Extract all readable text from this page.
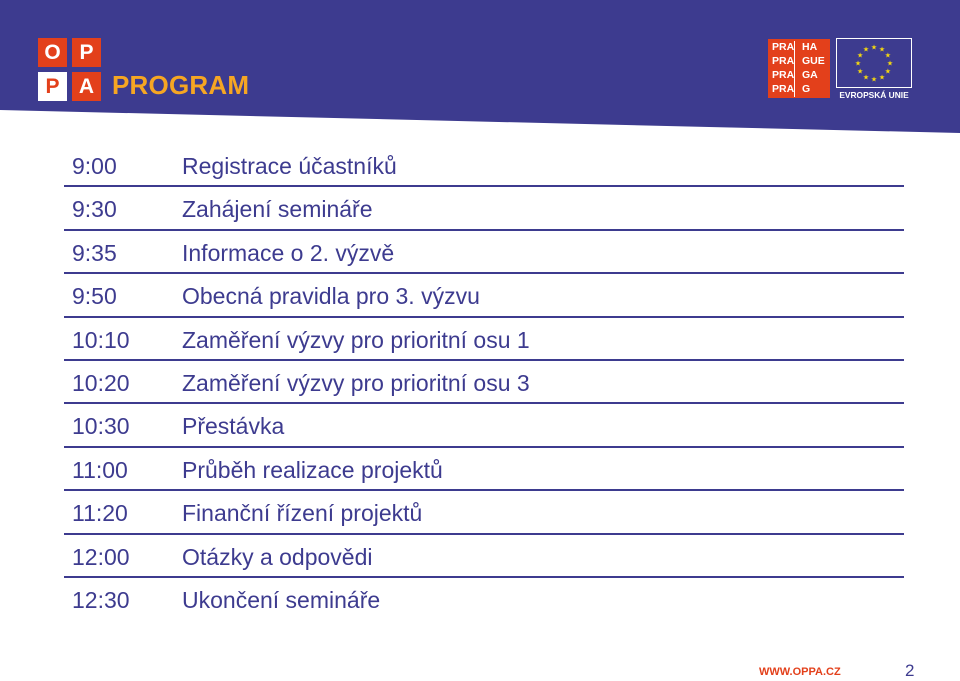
O P
P A PROGRAM
PRA HA
PRA GUE
PRA GA
PRA G
★ ★
★
★
★
★
★
★
★
★
★
★
EVROPSKÁ UNIE
9:00	Registrace účastníků
9:30	Zahájení semináře
9:35	Informace o 2. výzvě
9:50	Obecná pravidla pro 3. výzvu
10:10 Zaměření výzvy pro prioritní osu 1
10:20 Zaměření výzvy pro prioritní osu 3
10:30 Přestávka
11:00 Průběh realizace projektů
11:20 Finanční řízení projektů
12:00 Otázky a odpovědi
12:30 Ukončení semináře
WWW.OPPA.CZ	2
